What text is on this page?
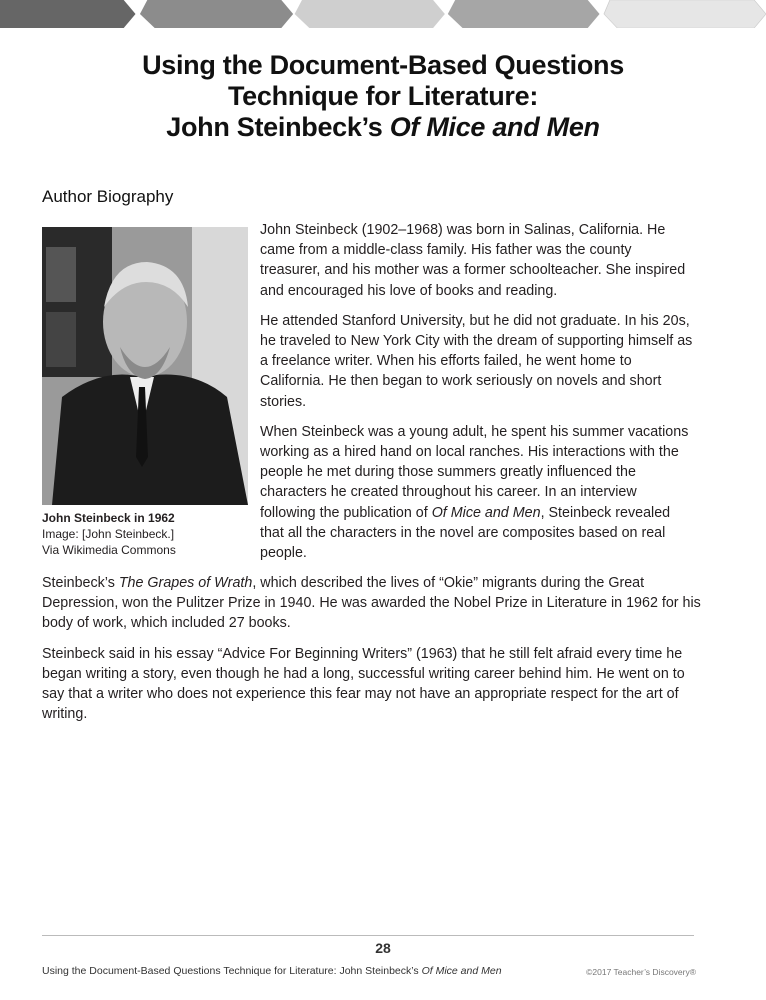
Using the Document-Based Questions
Technique for Literature:
John Steinbeck’s Of Mice and Men
Author Biography
John Steinbeck in 1962
Image: [John Steinbeck.]
Via Wikimedia Commons

John Steinbeck (1902–1968) was born in Salinas, California. He came from a middle-class family. His father was the county treasurer, and his mother was a former schoolteacher. She inspired and encouraged his love of books and reading.

He attended Stanford University, but he did not graduate. In his 20s, he traveled to New York City with the dream of supporting himself as a freelance writer. When his efforts failed, he went home to California. He then began to work seriously on novels and short stories.

When Steinbeck was a young adult, he spent his summer vacations working as a hired hand on local ranches. His interactions with the people he met during those summers greatly influenced the characters he created throughout his career. In an interview following the publication of Of Mice and Men, Steinbeck revealed that all the characters in the novel are composites based on real people.

Steinbeck’s The Grapes of Wrath, which described the lives of “Okie” migrants during the Great Depression, won the Pulitzer Prize in 1940. He was awarded the Nobel Prize in Literature in 1962 for his body of work, which included 27 books.

Steinbeck said in his essay “Advice For Beginning Writers” (1963) that he still felt afraid every time he began writing a story, even though he had a long, successful writing career behind him. He went on to say that a writer who does not experience this fear may not have an appropriate respect for the art of writing.

28
Using the Document-Based Questions Technique for Literature: John Steinbeck’s Of Mice and Men	©2017 Teacher’s Discovery®
